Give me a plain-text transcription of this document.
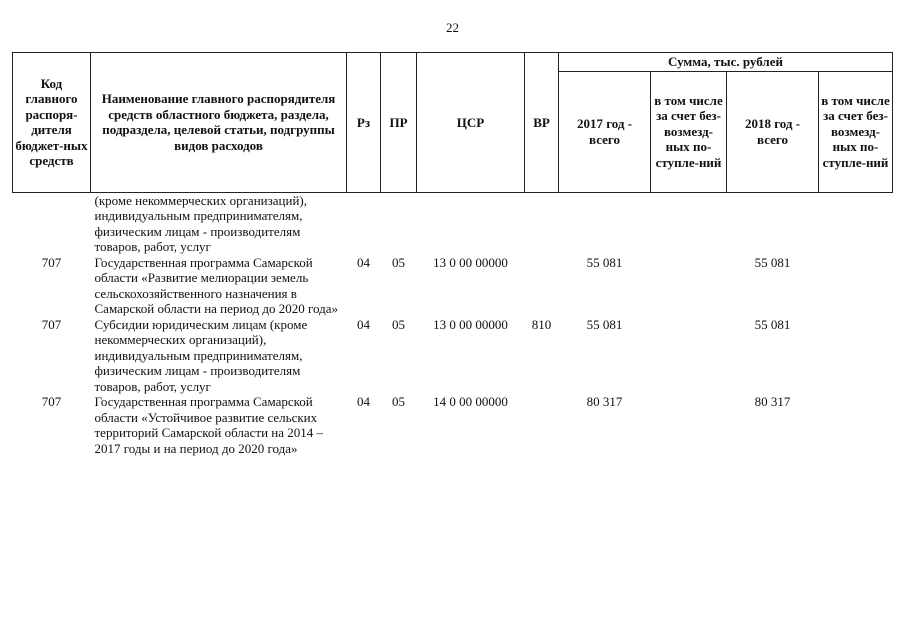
22
Код главного распоря-дителя бюджет-ных средств	Наименование главного распорядителя средств областного бюджета, раздела, подраздела, целевой статьи, подгруппы видов расходов	Рз	ПР	ЦСР	ВР	Сумма, тыс. рублей			
						2017 год - всего	в том числе за счет без-возмезд-ных по-ступле-ний	2018 год - всего	в том числе за счет без-возмезд-ных по-ступле-ний
	(кроме некоммерческих организаций), индивидуальным предпринимателям, физическим лицам - производителям товаров, работ, услуг								
707	Государственная программа Самарской области «Развитие мелиорации земель сельскохозяйственного назначения в Самарской области на период до 2020 года»	04	05	13 0 00 00000		55 081		55 081	
707	Субсидии юридическим лицам (кроме некоммерческих организаций), индивидуальным предпринимателям, физическим лицам - производителям товаров, работ, услуг	04	05	13 0 00 00000	810	55 081		55 081	
707	Государственная программа Самарской области «Устойчивое развитие сельских территорий Самарской области на 2014 – 2017 годы и на период до 2020 года»	04	05	14 0 00 00000		80 317		80 317	
